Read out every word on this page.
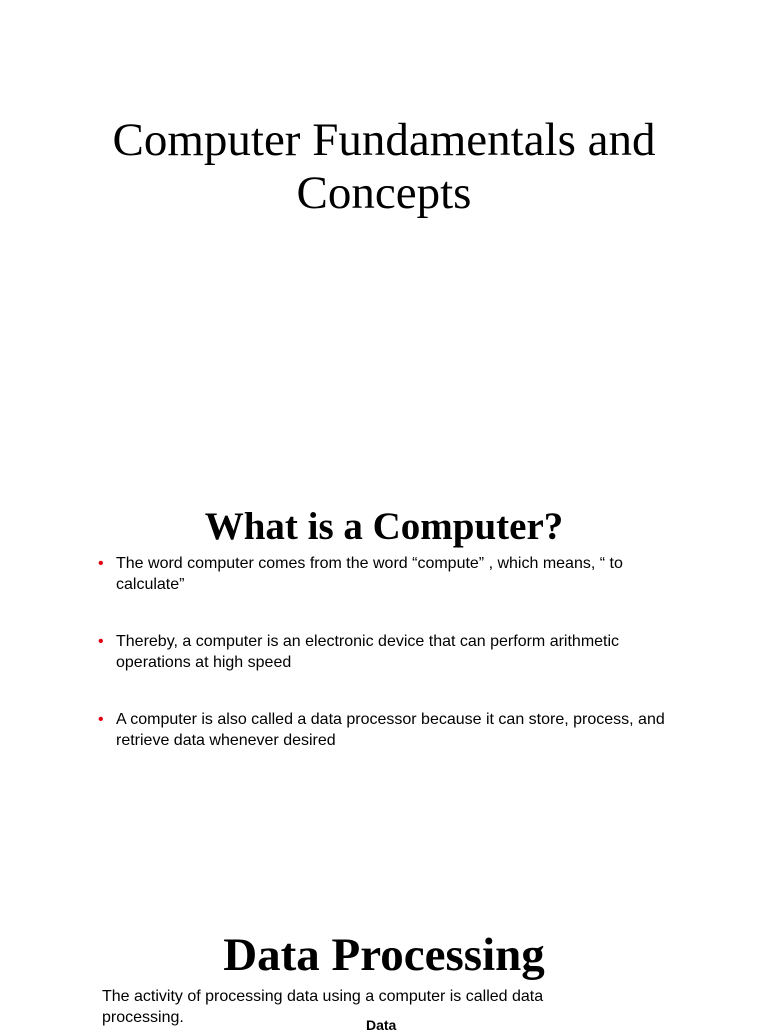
Computer Fundamentals and Concepts
What is a Computer?
• The word computer comes from the word “compute” , which means, “ to calculate”
• Thereby, a computer is an electronic device that can perform arithmetic operations at high speed
• A computer is also called a data processor because it can store, process, and retrieve data whenever desired
Data Processing

The activity of processing data using a computer is called data processing.	Data
